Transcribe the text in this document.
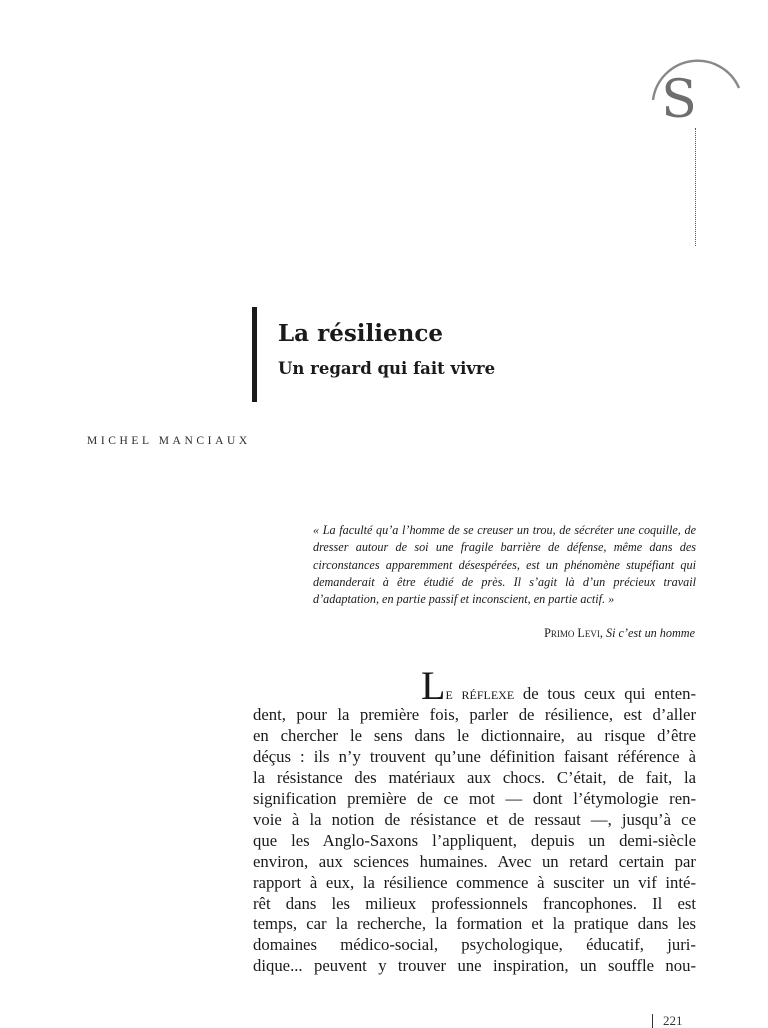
S
La résilience
Un regard qui fait vivre
MICHEL MANCIAUX

« La faculté qu’a l’homme de se creuser un trou, de sécréter une coquille, de dresser autour de soi une fragile barrière de défense, même dans des circonstances apparemment désespérées, est un phénomène stupéfiant qui demanderait à être étudié de près. Il s’agit là d’un précieux travail d’adaptation, en partie passif et inconscient, en partie actif. »

Primo Levi, Si c’est un homme
Le réflexe de tous ceux qui enten-
dent, pour la première fois, parler de résilience, est d’aller
en chercher le sens dans le dictionnaire, au risque d’être
déçus : ils n’y trouvent qu’une définition faisant référence à
la résistance des matériaux aux chocs. C’était, de fait, la
signification première de ce mot — dont l’étymologie ren-
voie à la notion de résistance et de ressaut —, jusqu’à ce
que les Anglo-Saxons l’appliquent, depuis un demi-siècle
environ, aux sciences humaines. Avec un retard certain par
rapport à eux, la résilience commence à susciter un vif inté-
rêt dans les milieux professionnels francophones. Il est
temps, car la recherche, la formation et la pratique dans les
domaines médico-social, psychologique, éducatif, juri-
dique... peuvent y trouver une inspiration, un souffle nou-
221
